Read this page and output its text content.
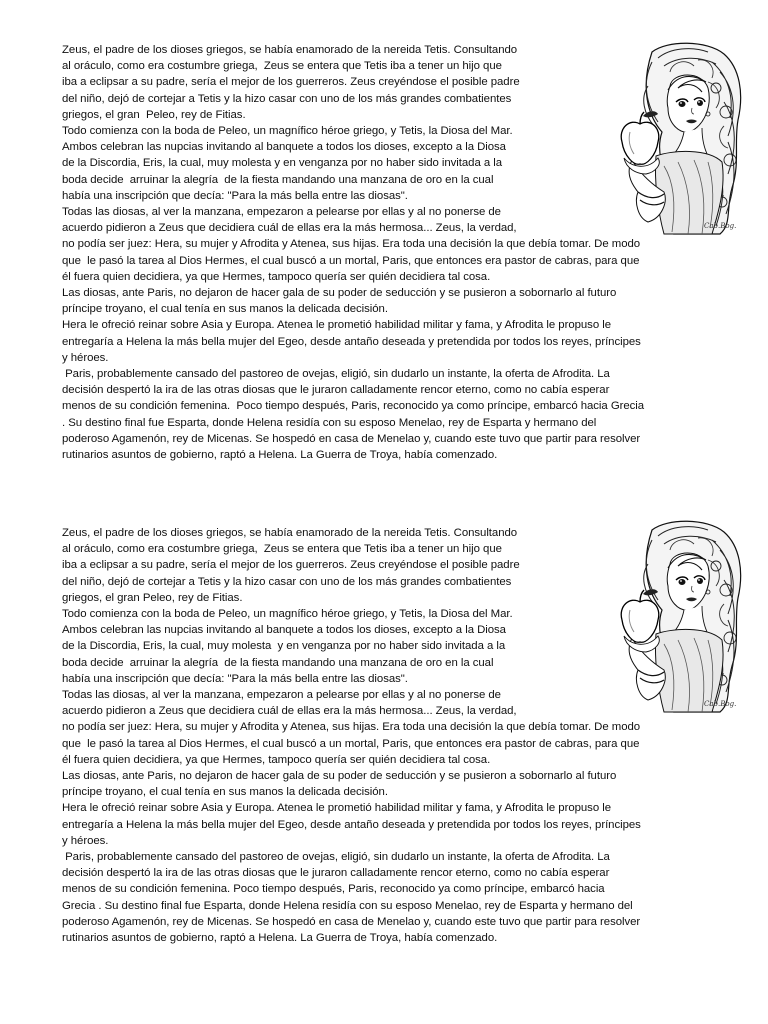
Zeus, el padre de los dioses griegos, se había enamorado de la nereida Tetis. Consultando
al oráculo, como era costumbre griega,  Zeus se entera que Tetis iba a tener un hijo que
iba a eclipsar a su padre, sería el mejor de los guerreros. Zeus creyéndose el posible padre
del niño, dejó de cortejar a Tetis y la hizo casar con uno de los más grandes combatientes
griegos, el gran  Peleo, rey de Fitias.
Todo comienza con la boda de Peleo, un magnífico héroe griego, y Tetis, la Diosa del Mar.
Ambos celebran las nupcias invitando al banquete a todos los dioses, excepto a la Diosa
de la Discordia, Eris, la cual, muy molesta y en venganza por no haber sido invitada a la
boda decide  arruinar la alegría  de la fiesta mandando una manzana de oro en la cual
había una inscripción que decía: "Para la más bella entre las diosas".
Todas las diosas, al ver la manzana, empezaron a pelearse por ellas y al no ponerse de
acuerdo pidieron a Zeus que decidiera cuál de ellas era la más hermosa... Zeus, la verdad,
no podía ser juez: Hera, su mujer y Afrodita y Atenea, sus hijas. Era toda una decisión la que debía tomar. De modo
que  le pasó la tarea al Dios Hermes, el cual buscó a un mortal, Paris, que entonces era pastor de cabras, para que
él fuera quien decidiera, ya que Hermes, tampoco quería ser quién decidiera tal cosa.
Las diosas, ante Paris, no dejaron de hacer gala de su poder de seducción y se pusieron a sobornarlo al futuro
príncipe troyano, el cual tenía en sus manos la delicada decisión.
Hera le ofreció reinar sobre Asia y Europa. Atenea le prometió habilidad militar y fama, y Afrodita le propuso le
entregaría a Helena la más bella mujer del Egeo, desde antaño deseada y pretendida por todos los reyes, príncipes
y héroes.
Paris, probablemente cansado del pastoreo de ovejas, eligió, sin dudarlo un instante, la oferta de Afrodita. La
decisión despertó la ira de las otras diosas que le juraron calladamente rencor eterno, como no cabía esperar
menos de su condición femenina.  Poco tiempo después, Paris, reconocido ya como príncipe, embarcó hacia Grecia
. Su destino final fue Esparta, donde Helena residía con su esposo Menelao, rey de Esparta y hermano del
poderoso Agamenón, rey de Micenas. Se hospedó en casa de Menelao y, cuando este tuvo que partir para resolver
rutinarios asuntos de gobierno, raptó a Helena. La Guerra de Troya, había comenzado.
Cab.Bog.
Zeus, el padre de los dioses griegos, se había enamorado de la nereida Tetis. Consultando
al oráculo, como era costumbre griega,  Zeus se entera que Tetis iba a tener un hijo que
iba a eclipsar a su padre, sería el mejor de los guerreros. Zeus creyéndose el posible padre
del niño, dejó de cortejar a Tetis y la hizo casar con uno de los más grandes combatientes
griegos, el gran Peleo, rey de Fitias.
Todo comienza con la boda de Peleo, un magnífico héroe griego, y Tetis, la Diosa del Mar.
Ambos celebran las nupcias invitando al banquete a todos los dioses, excepto a la Diosa
de la Discordia, Eris, la cual, muy molesta  y en venganza por no haber sido invitada a la
boda decide  arruinar la alegría  de la fiesta mandando una manzana de oro en la cual
había una inscripción que decía: "Para la más bella entre las diosas".
Todas las diosas, al ver la manzana, empezaron a pelearse por ellas y al no ponerse de
acuerdo pidieron a Zeus que decidiera cuál de ellas era la más hermosa... Zeus, la verdad,
no podía ser juez: Hera, su mujer y Afrodita y Atenea, sus hijas. Era toda una decisión la que debía tomar. De modo
que  le pasó la tarea al Dios Hermes, el cual buscó a un mortal, Paris, que entonces era pastor de cabras, para que
él fuera quien decidiera, ya que Hermes, tampoco quería ser quién decidiera tal cosa.
Las diosas, ante Paris, no dejaron de hacer gala de su poder de seducción y se pusieron a sobornarlo al futuro
príncipe troyano, el cual tenía en sus manos la delicada decisión.
Hera le ofreció reinar sobre Asia y Europa. Atenea le prometió habilidad militar y fama, y Afrodita le propuso le
entregaría a Helena la más bella mujer del Egeo, desde antaño deseada y pretendida por todos los reyes, príncipes
y héroes.
Paris, probablemente cansado del pastoreo de ovejas, eligió, sin dudarlo un instante, la oferta de Afrodita. La
decisión despertó la ira de las otras diosas que le juraron calladamente rencor eterno, como no cabía esperar
menos de su condición femenina. Poco tiempo después, Paris, reconocido ya como príncipe, embarcó hacia
Grecia . Su destino final fue Esparta, donde Helena residía con su esposo Menelao, rey de Esparta y hermano del
poderoso Agamenón, rey de Micenas. Se hospedó en casa de Menelao y, cuando este tuvo que partir para resolver
rutinarios asuntos de gobierno, raptó a Helena. La Guerra de Troya, había comenzado.
Cab.Bog.
